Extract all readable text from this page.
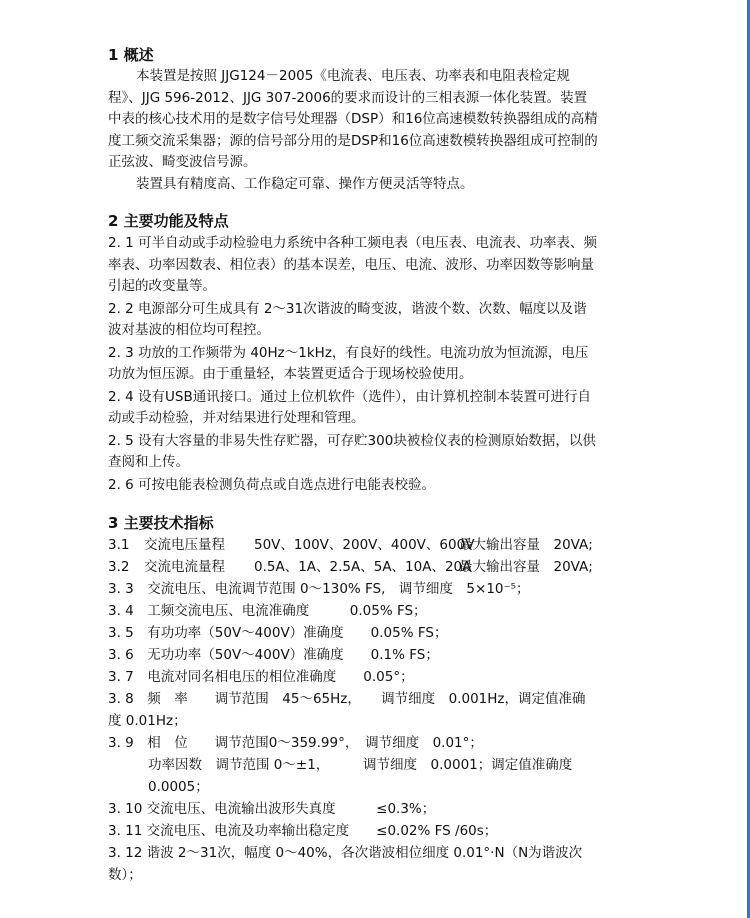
1 概述

本装置是按照 JJG124－2005《电流表、电压表、功率表和电阻表检定规程》、JJG 596-2012、JJG 307-2006的要求而设计的三相表源一体化装置。装置中表的核心技术用的是数字信号处理器（DSP）和16位高速模数转换器组成的高精度工频交流采集器；源的信号部分用的是DSP和16位高速数模转换器组成可控制的正弦波、畸变波信号源。

装置具有精度高、工作稳定可靠、操作方便灵活等特点。

2 主要功能及特点

2. 1 可半自动或手动检验电力系统中各种工频电表（电压表、电流表、功率表、频率表、功率因数表、相位表）的基本误差，电压、电流、波形、功率因数等影响量引起的改变量等。

2. 2 电源部分可生成具有 2～31次谐波的畸变波，谐波个数、次数、幅度以及谐波对基波的相位均可程控。

2. 3 功放的工作频带为 40Hz～1kHz，有良好的线性。电流功放为恒流源，电压功放为恒压源。由于重量轻，本装置更适合于现场校验使用。

2. 4 设有USB通讯接口。通过上位机软件（选件），由计算机控制本装置可进行自动或手动检验，并对结果进行处理和管理。

2. 5 设有大容量的非易失性存贮器，可存贮300块被检仪表的检测原始数据，以供查阅和上传。

2. 6 可按电能表检测负荷点或自选点进行电能表校验。

3 主要技术指标
3.1 交流电压量程 50V、100V、200V、400V、600V最大输出容量　20VA;
3.2 交流电流量程 0.5A、1A、2.5A、5A、10A、20A最大输出容量　20VA;

3. 3　交流电压、电流调节范围 0～130% FS,　调节细度　5×10⁻⁵；

3. 4　工频交流电压、电流准确度　　　0.05% FS；

3. 5　有功功率（50V～400V）准确度　　0.05% FS；

3. 6　无功功率（50V～400V）准确度　　0.1% FS；

3. 7　电流对同名相电压的相位准确度　　0.05°；

3. 8　频　率　　调节范围　45～65Hz，　　调节细度　0.001Hz，调定值准确度 0.01Hz；

3. 9　相　位　　调节范围0～359.99°，　调节细度　0.01°；

功率因数　调节范围 0～±1，　　　调节细度　0.0001；调定值准确度 0.0005；

3. 10 交流电压、电流输出波形失真度　　　≤0.3%；

3. 11 交流电压、电流及功率输出稳定度　　≤0.02% FS /60s；

3. 12 谐波 2～31次，幅度 0～40%，各次谐波相位细度 0.01°·N（N为谐波次数）；
